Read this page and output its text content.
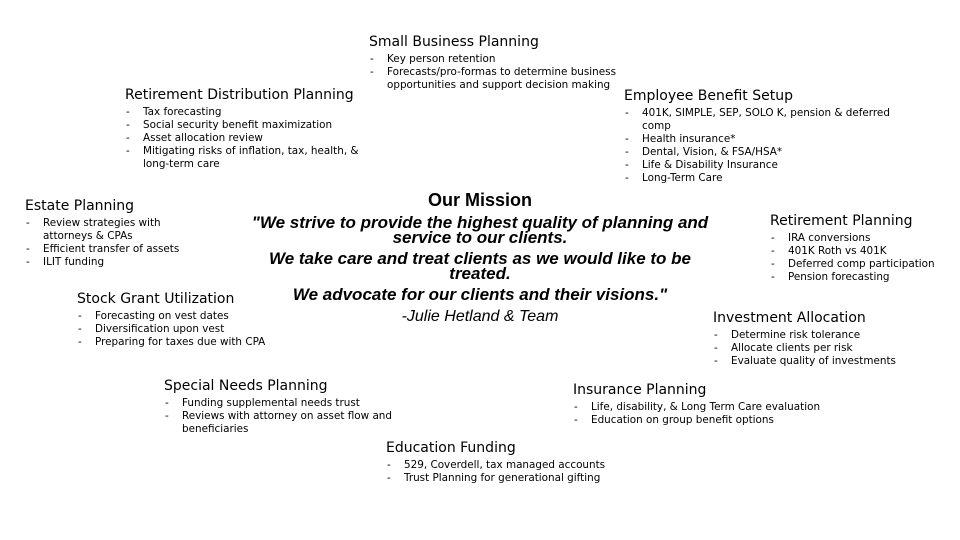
Small Business Planning
- Key person retention
- Forecasts/pro-formas to determine business opportunities and support decision making
Retirement Distribution Planning
- Tax forecasting
- Social security benefit maximization
- Asset allocation review
- Mitigating risks of inflation, tax, health, & long-term care
Employee Benefit Setup
- 401K, SIMPLE, SEP, SOLO K, pension & deferred comp
- Health insurance*
- Dental, Vision, & FSA/HSA*
- Life & Disability Insurance
- Long-Term Care
Estate Planning
- Review strategies with attorneys & CPAs
- Efficient transfer of assets
- ILIT funding
Our Mission

"We strive to provide the highest quality of planning and service to our clients.

We take care and treat clients as we would like to be treated.

We advocate for our clients and their visions."

-Julie Hetland & Team

Retirement Planning
- IRA conversions
- 401K Roth vs 401K
- Deferred comp participation
- Pension forecasting
Stock Grant Utilization
- Forecasting on vest dates
- Diversification upon vest
- Preparing for taxes due with CPA
Investment Allocation
- Determine risk tolerance
- Allocate clients per risk
- Evaluate quality of investments
Special Needs Planning
- Funding supplemental needs trust
- Reviews with attorney on asset flow and beneficiaries
Insurance Planning
- Life, disability, & Long Term Care evaluation
- Education on group benefit options
Education Funding
- 529, Coverdell, tax managed accounts
- Trust Planning for generational gifting
